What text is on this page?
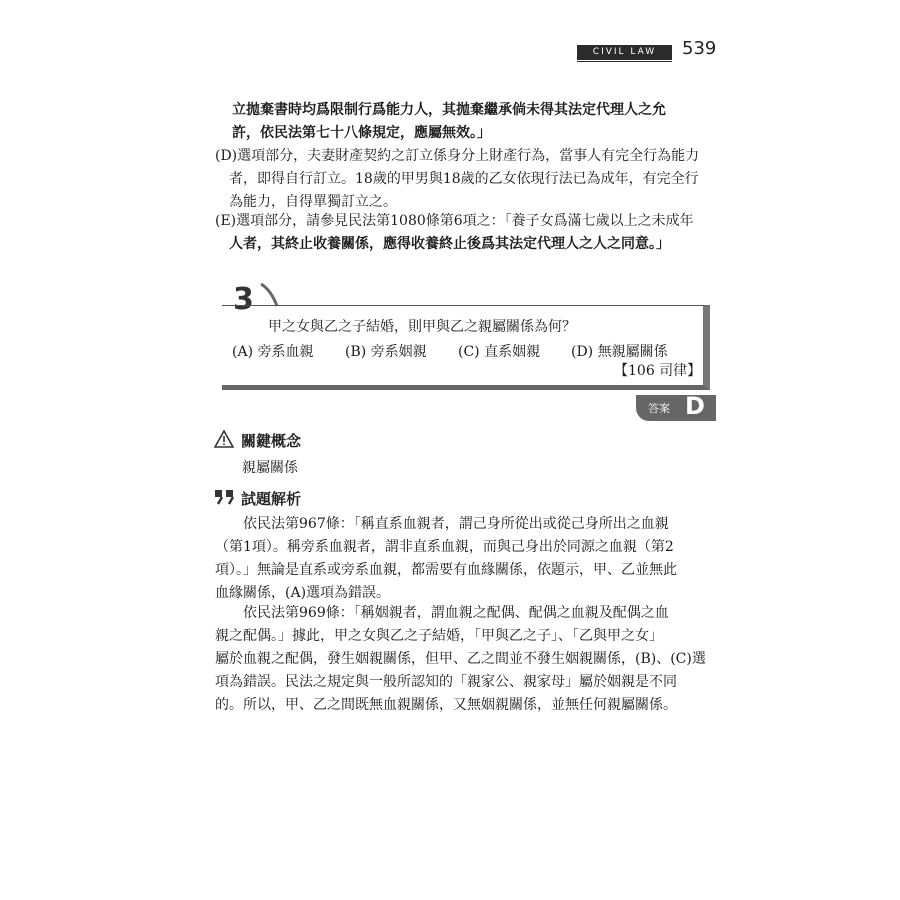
CIVIL LAW	539

立拋棄書時均爲限制行爲能力人，其拋棄繼承倘未得其法定代理人之允
許，依民法第七十八條規定，應屬無效。」

(D)選項部分，夫妻財產契約之訂立係身分上財產行為，當事人有完全行為能力
者，即得自行訂立。18歲的甲男與18歲的乙女依現行法已為成年，有完全行
為能力，自得單獨訂立之。

(E)選項部分，請參見民法第1080條第6項之：「養子女爲滿七歲以上之未成年
人者，其終止收養關係，應得收養終止後爲其法定代理人之人之同意。」

3
甲之女與乙之子結婚，則甲與乙之親屬關係為何？
(A) 旁系血親 (B) 旁系姻親 (C) 直系姻親 (D) 無親屬關係
【106 司律】
答案 D
關鍵概念
親屬關係
試題解析

依民法第967條：「稱直系血親者，謂己身所從出或從己身所出之血親
（第1項）。稱旁系血親者，謂非直系血親，而與己身出於同源之血親（第2
項）。」無論是直系或旁系血親，都需要有血緣關係，依題示，甲、乙並無此
血緣關係，(A)選項為錯誤。

依民法第969條：「稱姻親者，謂血親之配偶、配偶之血親及配偶之血
親之配偶。」據此，甲之女與乙之子結婚，「甲與乙之子」、「乙與甲之女」
屬於血親之配偶，發生姻親關係，但甲、乙之間並不發生姻親關係，(B)、(C)選
項為錯誤。民法之規定與一般所認知的「親家公、親家母」屬於姻親是不同
的。所以，甲、乙之間既無血親關係，又無姻親關係，並無任何親屬關係。
